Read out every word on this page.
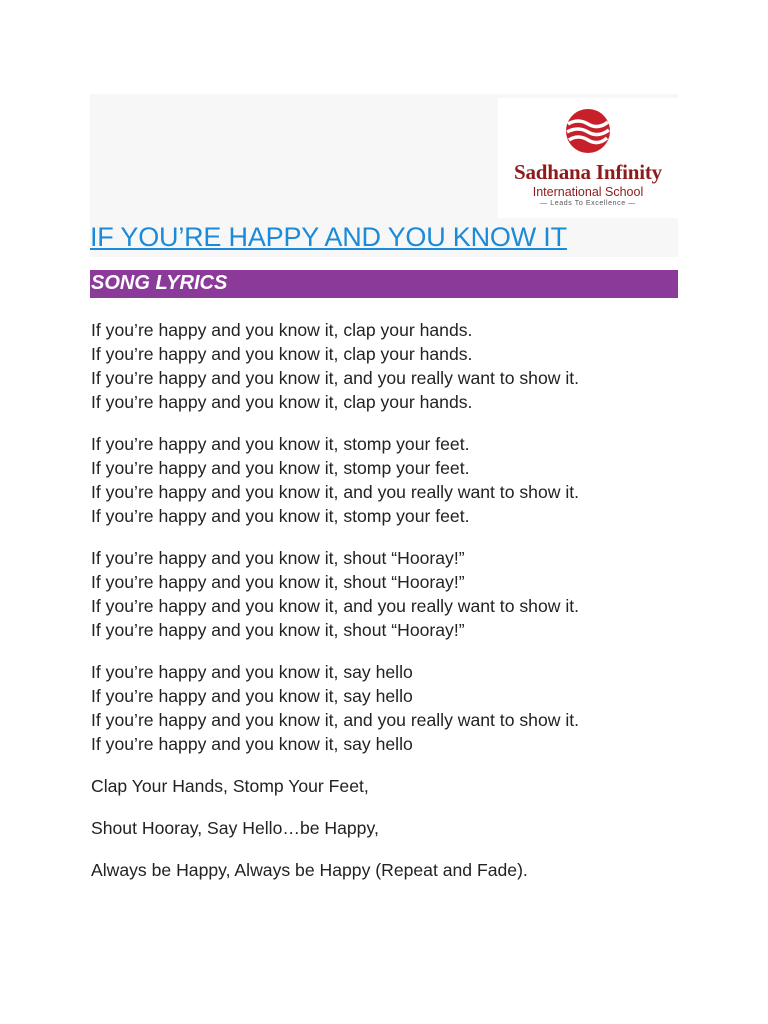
Sadhana Infinity
International School
— Leads To Excellence —
IF YOU’RE HAPPY AND YOU KNOW IT
SONG LYRICS
If you’re happy and you know it, clap your hands.
If you’re happy and you know it, clap your hands.
If you’re happy and you know it, and you really want to show it.
If you’re happy and you know it, clap your hands.
If you’re happy and you know it, stomp your feet.
If you’re happy and you know it, stomp your feet.
If you’re happy and you know it, and you really want to show it.
If you’re happy and you know it, stomp your feet.
If you’re happy and you know it, shout “Hooray!”
If you’re happy and you know it, shout “Hooray!”
If you’re happy and you know it, and you really want to show it.
If you’re happy and you know it, shout “Hooray!”
If you’re happy and you know it, say hello
If you’re happy and you know it, say hello
If you’re happy and you know it, and you really want to show it.
If you’re happy and you know it, say hello
Clap Your Hands, Stomp Your Feet,
Shout Hooray, Say Hello…be Happy,
Always be Happy, Always be Happy (Repeat and Fade).
